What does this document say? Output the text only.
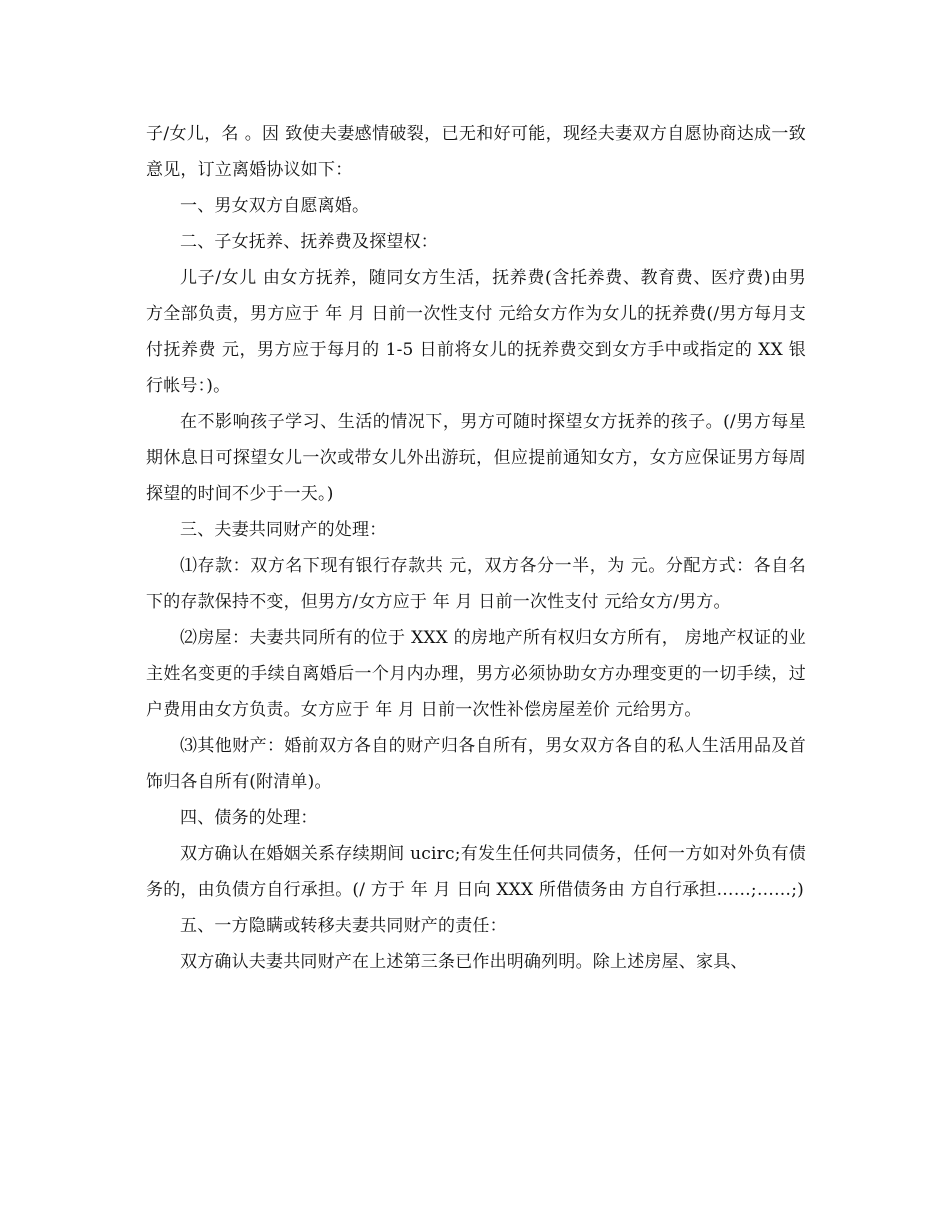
子/女儿，名 。因 致使夫妻感情破裂，已无和好可能，现经夫妻双方自愿协商达成一致意见，订立离婚协议如下：

一、男女双方自愿离婚。

二、子女抚养、抚养费及探望权：

儿子/女儿 由女方抚养，随同女方生活，抚养费(含托养费、教育费、医疗费)由男方全部负责，男方应于 年 月 日前一次性支付 元给女方作为女儿的抚养费(/男方每月支付抚养费 元，男方应于每月的 1-5 日前将女儿的抚养费交到女方手中或指定的 XX 银行帐号：)。

在不影响孩子学习、生活的情况下，男方可随时探望女方抚养的孩子。(/男方每星期休息日可探望女儿一次或带女儿外出游玩，但应提前通知女方，女方应保证男方每周探望的时间不少于一天。)

三、夫妻共同财产的处理：

⑴存款：双方名下现有银行存款共 元，双方各分一半，为 元。分配方式：各自名下的存款保持不变，但男方/女方应于 年 月 日前一次性支付 元给女方/男方。

⑵房屋：夫妻共同所有的位于 XXX 的房地产所有权归女方所有， 房地产权证的业主姓名变更的手续自离婚后一个月内办理，男方必须协助女方办理变更的一切手续，过户费用由女方负责。女方应于 年 月 日前一次性补偿房屋差价 元给男方。

⑶其他财产：婚前双方各自的财产归各自所有，男女双方各自的私人生活用品及首饰归各自所有(附清单)。

四、债务的处理：

双方确认在婚姻关系存续期间 ucirc;有发生任何共同债务，任何一方如对外负有债务的，由负债方自行承担。(/ 方于 年 月 日向 XXX 所借债务由 方自行承担……;……;)

五、一方隐瞒或转移夫妻共同财产的责任：

双方确认夫妻共同财产在上述第三条已作出明确列明。除上述房屋、家具、
